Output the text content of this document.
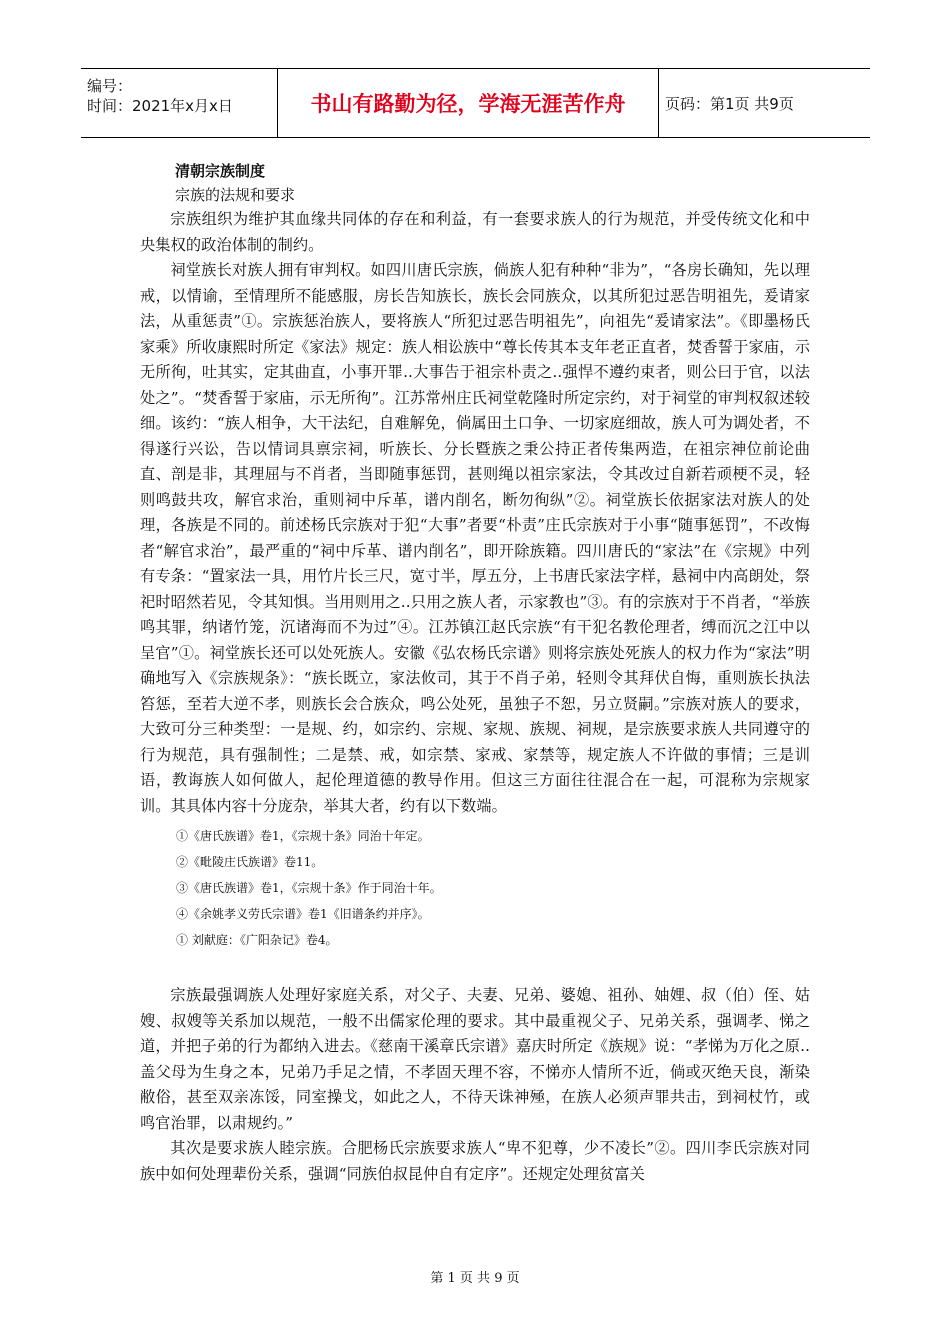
编号：
时间：2021年x月x日	书山有路勤为径，学海无涯苦作舟	页码：第1页 共9页

清朝宗族制度

宗族的法规和要求

宗族组织为维护其血缘共同体的存在和利益，有一套要求族人的行为规范，并受传统文化和中央集权的政治体制的制约。

祠堂族长对族人拥有审判权。如四川唐氏宗族，倘族人犯有种种“非为”，“各房长确知，先以理戒，以情谕，至情理所不能感服，房长告知族长，族长会同族众，以其所犯过恶告明祖先，爰请家法，从重惩责”①。宗族惩治族人，要将族人“所犯过恶告明祖先”，向祖先“爰请家法”。《即墨杨氏家乘》所收康熙时所定《家法》规定：族人相讼族中“尊长传其本支年老正直者，焚香誓于家庙，示无所徇，吐其实，定其曲直，小事开罪..大事告于祖宗朴责之..强悍不遵约束者，则公曰于官，以法处之”。“焚香誓于家庙，示无所徇”。江苏常州庄氏祠堂乾隆时所定宗约，对于祠堂的审判权叙述较细。该约：“族人相争，大干法纪，自难解免，倘属田土口争、一切家庭细故，族人可为调处者，不得遂行兴讼，告以情词具禀宗祠，听族长、分长暨族之秉公持正者传集两造，在祖宗神位前论曲直、剖是非，其理屈与不肖者，当即随事惩罚，甚则绳以祖宗家法，令其改过自新若顽梗不灵，轻则鸣鼓共攻，解官求治，重则祠中斥革，谱内削名，断勿徇纵”②。祠堂族长依据家法对族人的处理，各族是不同的。前述杨氏宗族对于犯“大事”者要“朴责”庄氏宗族对于小事“随事惩罚”，不改悔者“解官求治”，最严重的“祠中斥革、谱内削名”，即开除族籍。四川唐氏的“家法”在《宗规》中列有专条：“置家法一具，用竹片长三尺，宽寸半，厚五分，上书唐氏家法字样，悬祠中内高朗处，祭祀时昭然若见，令其知惧。当用则用之..只用之族人者，示家教也”③。有的宗族对于不肖者，“举族鸣其罪，纳诸竹笼，沉诸海而不为过”④。江苏镇江赵氏宗族“有干犯名教伦理者，缚而沉之江中以呈官”①。祠堂族长还可以处死族人。安徽《弘农杨氏宗谱》则将宗族处死族人的权力作为“家法”明确地写入《宗族规条》：“族长既立，家法攸司，其于不肖子弟，轻则令其拜伏自悔，重则族长执法笞惩，至若大逆不孝，则族长会合族众，鸣公处死，虽独子不恕，另立贤嗣。”宗族对族人的要求，大致可分三种类型：一是规、约，如宗约、宗规、家规、族规、祠规，是宗族要求族人共同遵守的行为规范，具有强制性；二是禁、戒，如宗禁、家戒、家禁等，规定族人不许做的事情；三是训语，教诲族人如何做人，起伦理道德的教导作用。但这三方面往往混合在一起，可混称为宗规家训。其具体内容十分庞杂，举其大者，约有以下数端。

①《唐氏族谱》卷1，《宗规十条》同治十年定。
②《毗陵庄氏族谱》卷11。
③《唐氏族谱》卷1，《宗规十条》作于同治十年。
④《余姚孝义劳氏宗谱》卷1《旧谱条约并序》。
① 刘献庭：《广阳杂记》卷4。

宗族最强调族人处理好家庭关系，对父子、夫妻、兄弟、婆媳、祖孙、妯娌、叔（伯）侄、姑嫂、叔嫂等关系加以规范，一般不出儒家伦理的要求。其中最重视父子、兄弟关系，强调孝、悌之道，并把子弟的行为都纳入进去。《慈南干溪章氏宗谱》嘉庆时所定《族规》说：“孝悌为万化之原..盖父母为生身之本，兄弟乃手足之情，不孝固天理不容，不悌亦人情所不近，倘或灭绝天良，渐染敝俗，甚至双亲冻馁，同室操戈，如此之人，不待天诛神殛，在族人必须声罪共击，到祠杖竹，或鸣官治罪，以肃规约。”

其次是要求族人睦宗族。合肥杨氏宗族要求族人“卑不犯尊，少不凌长”②。四川李氏宗族对同族中如何处理辈份关系，强调“同族伯叔昆仲自有定序”。还规定处理贫富关

第 1 页 共 9 页
